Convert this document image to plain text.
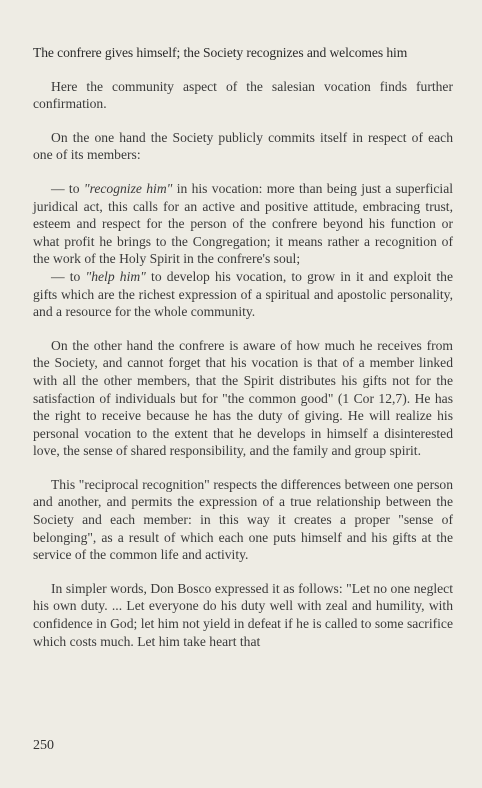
The confrere gives himself; the Society recognizes and welcomes him

Here the community aspect of the salesian vocation finds further confirmation.

On the one hand the Society publicly commits itself in respect of each one of its members:

— to "recognize him" in his vocation: more than being just a superficial juridical act, this calls for an active and positive attitude, embracing trust, esteem and respect for the person of the confrere beyond his function or what profit he brings to the Congregation; it means rather a recognition of the work of the Holy Spirit in the confrere's soul;

— to "help him" to develop his vocation, to grow in it and exploit the gifts which are the richest expression of a spiritual and apostolic personality, and a resource for the whole community.

On the other hand the confrere is aware of how much he receives from the Society, and cannot forget that his vocation is that of a member linked with all the other members, that the Spirit distributes his gifts not for the satisfaction of individuals but for "the common good" (1 Cor 12,7). He has the right to receive because he has the duty of giving. He will realize his personal vocation to the extent that he develops in himself a disinterested love, the sense of shared responsibility, and the family and group spirit.

This "reciprocal recognition" respects the differences between one person and another, and permits the expression of a true relationship between the Society and each member: in this way it creates a proper "sense of belonging", as a result of which each one puts himself and his gifts at the service of the common life and activity.

In simpler words, Don Bosco expressed it as follows: "Let no one neglect his own duty. ... Let everyone do his duty well with zeal and humility, with confidence in God; let him not yield in defeat if he is called to some sacrifice which costs much. Let him take heart that

250
